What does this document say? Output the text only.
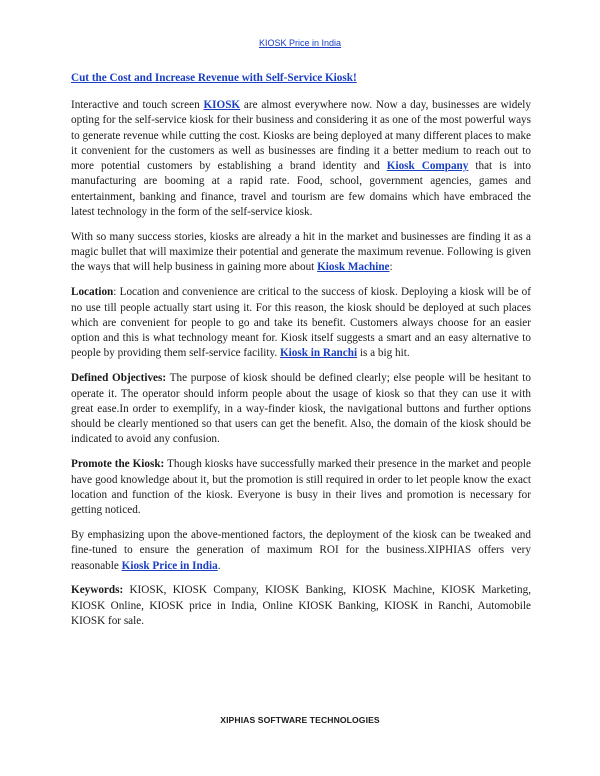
KIOSK Price in India
Cut the Cost and Increase Revenue with Self-Service Kiosk!

Interactive and touch screen KIOSK are almost everywhere now. Now a day, businesses are widely opting for the self-service kiosk for their business and considering it as one of the most powerful ways to generate revenue while cutting the cost. Kiosks are being deployed at many different places to make it convenient for the customers as well as businesses are finding it a better medium to reach out to more potential customers by establishing a brand identity and Kiosk Company that is into manufacturing are booming at a rapid rate. Food, school, government agencies, games and entertainment, banking and finance, travel and tourism are few domains which have embraced the latest technology in the form of the self-service kiosk.

With so many success stories, kiosks are already a hit in the market and businesses are finding it as a magic bullet that will maximize their potential and generate the maximum revenue. Following is given the ways that will help business in gaining more about Kiosk Machine:

Location: Location and convenience are critical to the success of kiosk. Deploying a kiosk will be of no use till people actually start using it. For this reason, the kiosk should be deployed at such places which are convenient for people to go and take its benefit. Customers always choose for an easier option and this is what technology meant for. Kiosk itself suggests a smart and an easy alternative to people by providing them self-service facility. Kiosk in Ranchi is a big hit.

Defined Objectives: The purpose of kiosk should be defined clearly; else people will be hesitant to operate it. The operator should inform people about the usage of kiosk so that they can use it with great ease.In order to exemplify, in a way-finder kiosk, the navigational buttons and further options should be clearly mentioned so that users can get the benefit. Also, the domain of the kiosk should be indicated to avoid any confusion.

Promote the Kiosk: Though kiosks have successfully marked their presence in the market and people have good knowledge about it, but the promotion is still required in order to let people know the exact location and function of the kiosk. Everyone is busy in their lives and promotion is necessary for getting noticed.

By emphasizing upon the above-mentioned factors, the deployment of the kiosk can be tweaked and fine-tuned to ensure the generation of maximum ROI for the business.XIPHIAS offers very reasonable Kiosk Price in India.

Keywords: KIOSK, KIOSK Company, KIOSK Banking, KIOSK Machine, KIOSK Marketing, KIOSK Online, KIOSK price in India, Online KIOSK Banking, KIOSK in Ranchi, Automobile KIOSK for sale.

XIPHIAS SOFTWARE TECHNOLOGIES
